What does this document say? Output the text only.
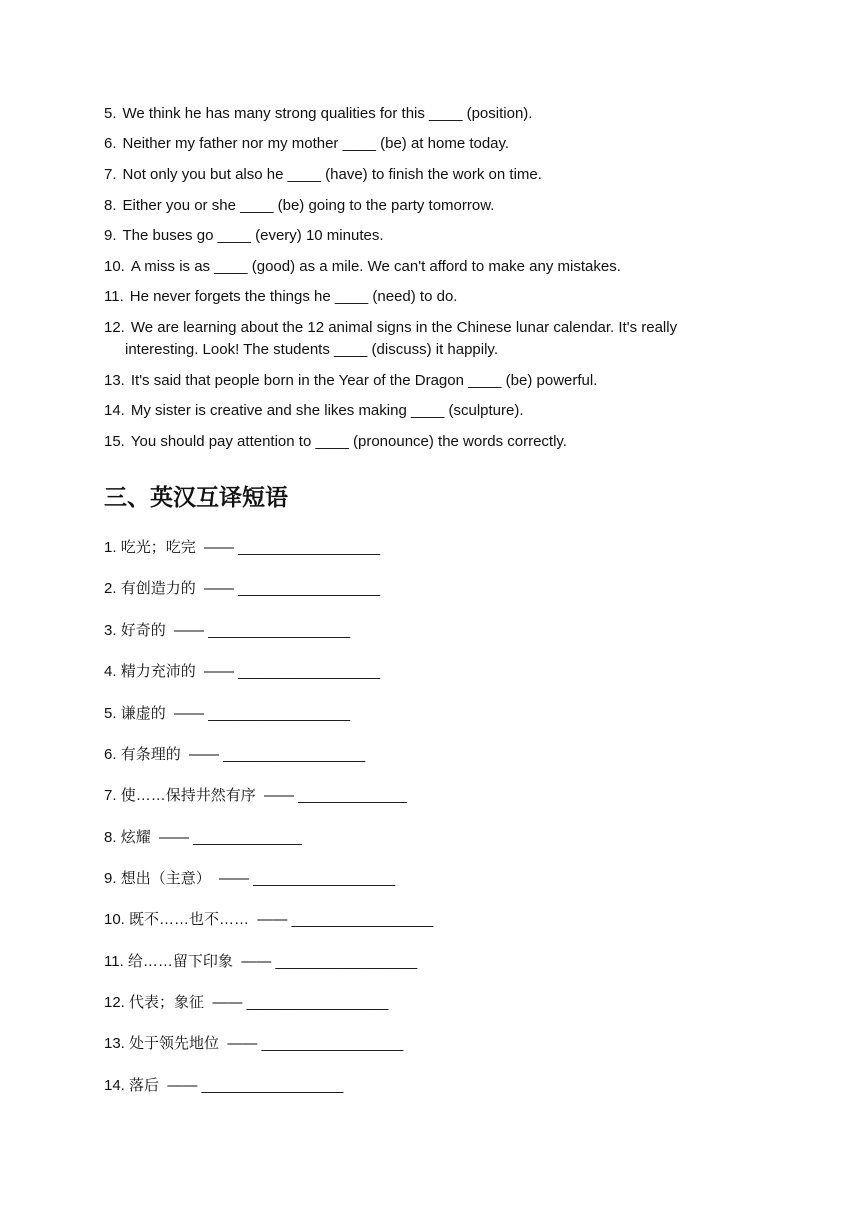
5. We think he has many strong qualities for this ____ (position).
6. Neither my father nor my mother ____ (be) at home today.
7. Not only you but also he ____ (have) to finish the work on time.
8. Either you or she ____ (be) going to the party tomorrow.
9. The buses go ____ (every) 10 minutes.
10. A miss is as ____ (good) as a mile. We can't afford to make any mistakes.
11. He never forgets the things he ____ (need) to do.
12. We are learning about the 12 animal signs in the Chinese lunar calendar. It's really
interesting. Look! The students ____ (discuss) it happily.
13. It's said that people born in the Year of the Dragon ____ (be) powerful.
14. My sister is creative and she likes making ____ (sculpture).
15. You should pay attention to ____ (pronounce) the words correctly.
三、英汉互译短语
1. 吃光；吃完 —— _________________
2. 有创造力的 —— _________________
3. 好奇的 —— _________________
4. 精力充沛的 —— _________________
5. 谦虚的 —— _________________
6. 有条理的 —— _________________
7. 使……保持井然有序 —— _____________
8. 炫耀 —— _____________
9. 想出（主意） —— _________________
10. 既不……也不…… —— _________________
11. 给……留下印象 —— _________________
12. 代表；象征 —— _________________
13. 处于领先地位 —— _________________
14. 落后 —— _________________
